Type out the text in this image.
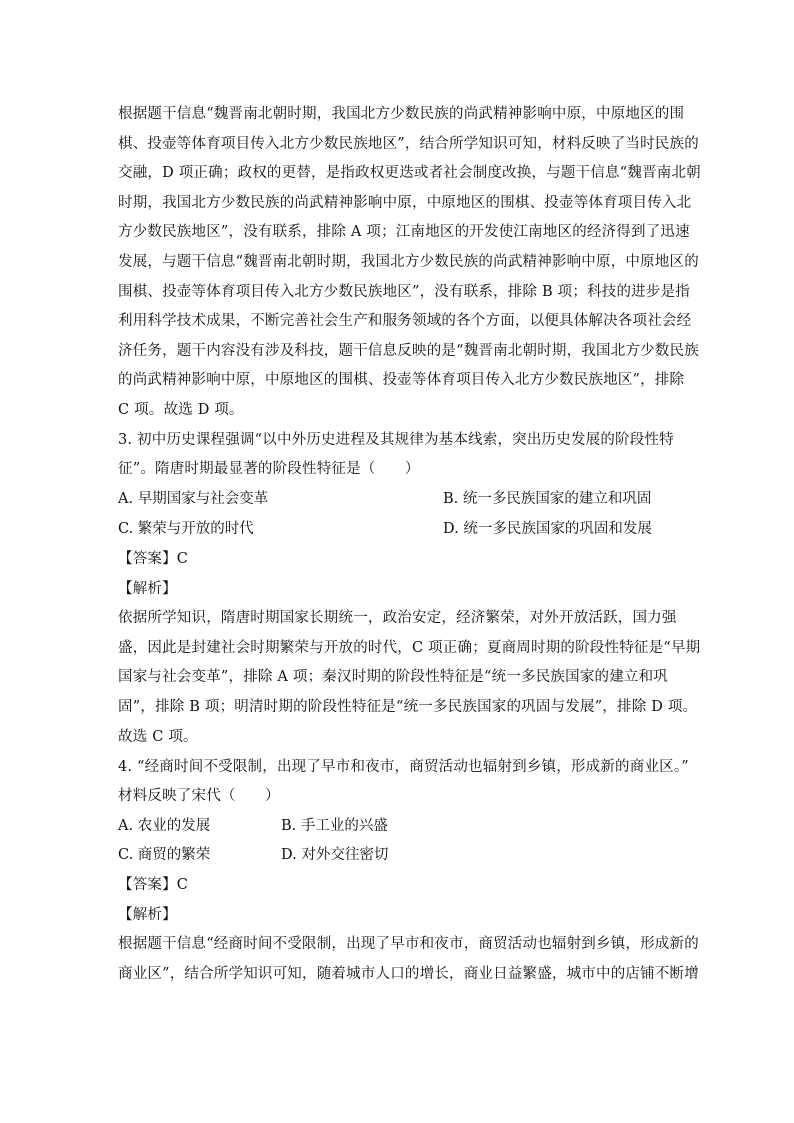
根据题干信息“魏晋南北朝时期，我国北方少数民族的尚武精神影响中原，中原地区的围
棋、投壶等体育项目传入北方少数民族地区”，结合所学知识可知，材料反映了当时民族的
交融，D 项正确；政权的更替，是指政权更迭或者社会制度改换，与题干信息“魏晋南北朝
时期，我国北方少数民族的尚武精神影响中原，中原地区的围棋、投壶等体育项目传入北
方少数民族地区”，没有联系，排除 A 项；江南地区的开发使江南地区的经济得到了迅速
发展，与题干信息“魏晋南北朝时期，我国北方少数民族的尚武精神影响中原，中原地区的
围棋、投壶等体育项目传入北方少数民族地区”，没有联系，排除 B 项；科技的进步是指
利用科学技术成果，不断完善社会生产和服务领域的各个方面，以便具体解决各项社会经
济任务，题干内容没有涉及科技，题干信息反映的是“魏晋南北朝时期，我国北方少数民族
的尚武精神影响中原，中原地区的围棋、投壶等体育项目传入北方少数民族地区”，排除
C 项。故选 D 项。
3. 初中历史课程强调“以中外历史进程及其规律为基本线索，突出历史发展的阶段性特
征”。隋唐时期最显著的阶段性特征是（　　）
A. 早期国家与社会变革	B. 统一多民族国家的建立和巩固
C. 繁荣与开放的时代	D. 统一多民族国家的巩固和发展
【答案】C
【解析】
依据所学知识，隋唐时期国家长期统一，政治安定，经济繁荣，对外开放活跃，国力强
盛，因此是封建社会时期繁荣与开放的时代，C 项正确；夏商周时期的阶段性特征是“早期
国家与社会变革”，排除 A 项；秦汉时期的阶段性特征是“统一多民族国家的建立和巩
固”，排除 B 项；明清时期的阶段性特征是“统一多民族国家的巩固与发展”，排除 D 项。
故选 C 项。
4. “经商时间不受限制，出现了早市和夜市，商贸活动也辐射到乡镇，形成新的商业区。”
材料反映了宋代（　　）
A. 农业的发展	B. 手工业的兴盛
C. 商贸的繁荣	D. 对外交往密切
【答案】C
【解析】
根据题干信息“经商时间不受限制，出现了早市和夜市，商贸活动也辐射到乡镇，形成新的
商业区”，结合所学知识可知，随着城市人口的增长，商业日益繁盛，城市中的店铺不断增
